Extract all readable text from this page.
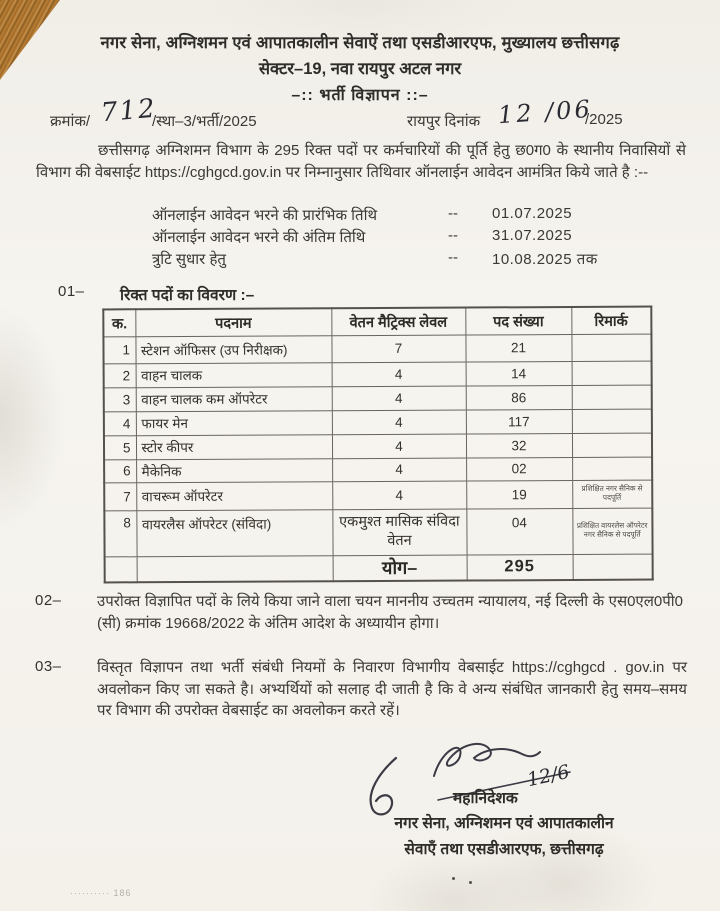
नगर सेना, अग्निशमन एवं आपातकालीन सेवाऐं तथा एसडीआरएफ, मुख्यालय छत्तीसगढ़
सेक्टर–19, नवा रायपुर अटल नगर
–:: भर्ती विज्ञापन ::–
क्रमांक/ 712
/स्था–3/भर्ती/2025	रायपुर दिनांक 12 /06
/2025
छत्तीसगढ़ अग्निशमन विभाग के 295 रिक्त पदों पर कर्मचारियों की पूर्ति हेतु छ0ग0 के स्थानीय निवासियों से विभाग की वेबसाईट https://cghgcd.gov.in पर निम्नानुसार तिथिवार ऑनलाईन आवेदन आमंत्रित किये जाते है :--
ऑनलाईन आवेदन भरने की प्रारंभिक तिथि	--	01.07.2025
ऑनलाईन आवेदन भरने की अंतिम तिथि	--	31.07.2025
त्रुटि सुधार हेतु	--	10.08.2025 तक
01– रिक्त पदों का विवरण :–
क.	पदनाम	वेतन मैट्रिक्स लेवल	पद संख्या	रिमार्क
1	स्टेशन ऑफिसर (उप निरीक्षक)	7	21	
2	वाहन चालक	4	14	
3	वाहन चालक कम ऑपरेटर	4	86	
4	फायर मेन	4	117	
5	स्टोर कीपर	4	32	
6	मैकेनिक	4	02	
7	वाचरूम ऑपरेटर	4	19	प्रशिक्षित नगर सैनिक से पदपूर्ति
8	वायरलैस ऑपरेटर (संविदा)	एकमुश्त मासिक संविदा वेतन	04	प्रशिक्षित वायरलेस ऑपरेटर नगर सैनिक से पदपूर्ति
		योग–	295	
02– उपरोक्त विज्ञापित पदों के लिये किया जाने वाला चयन माननीय उच्चतम न्यायालय, नई दिल्ली के एस0एल0पी0 (सी) क्रमांक 19668/2022 के अंतिम आदेश के अध्यायीन होगा।
03– विस्तृत विज्ञापन तथा भर्ती संबंधी नियमों के निवारण विभागीय वेबसाईट https://cghgcd . gov.in पर अवलोकन किए जा सकते है। अभ्यर्थियों को सलाह दी जाती है कि वे अन्य संबंधित जानकारी हेतु समय–समय पर विभाग की उपरोक्त वेबसाईट का अवलोकन करते रहें।
12/6
महानिदेशक
नगर सेना, अग्निशमन एवं आपातकालीन
सेवाएँ तथा एसडीआरएफ, छत्तीसगढ़
·········· 186
